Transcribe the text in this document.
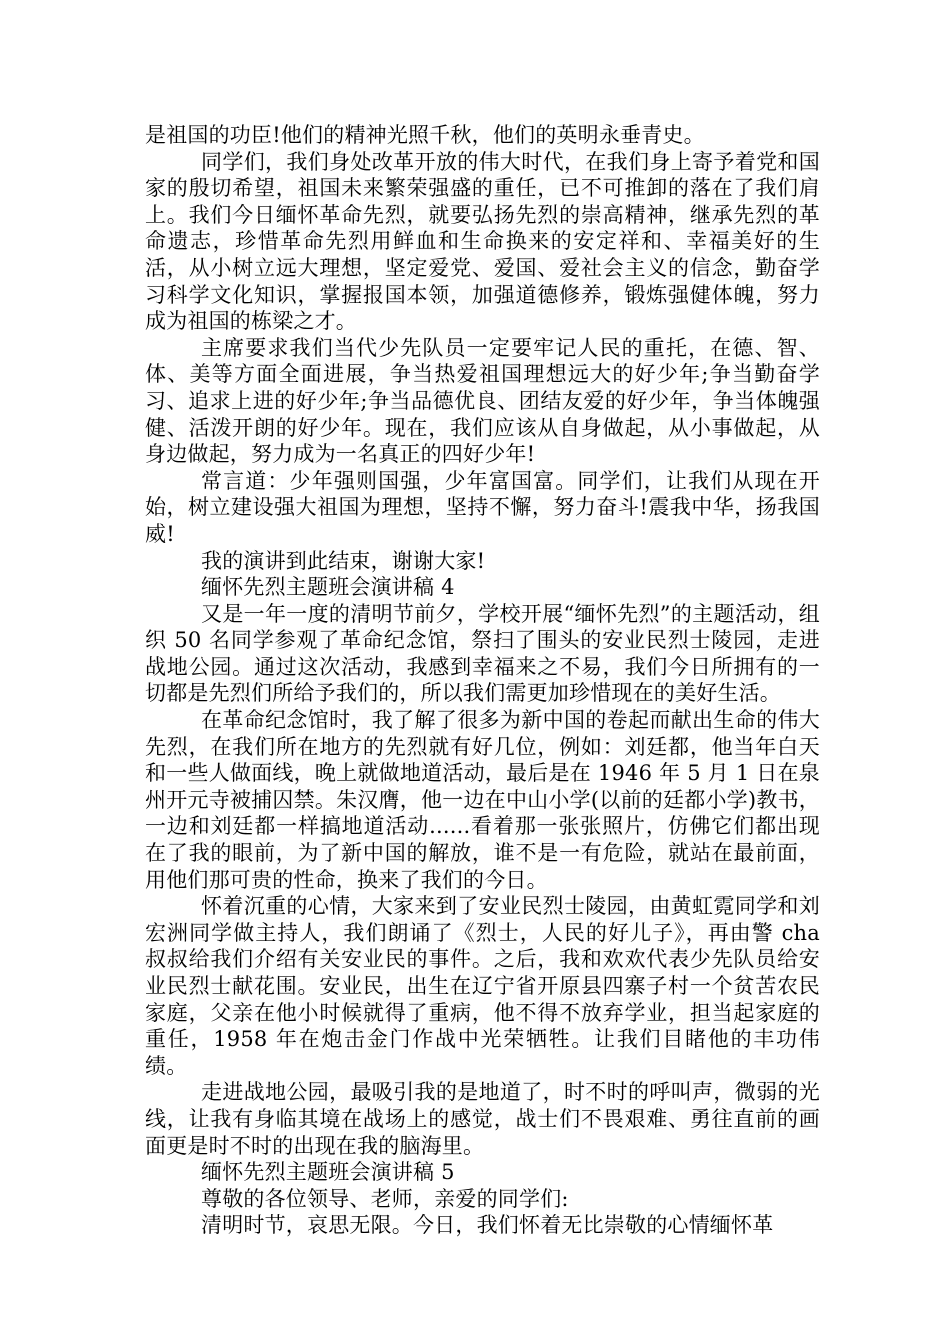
是祖国的功臣!他们的精神光照千秋，他们的英明永垂青史。

同学们，我们身处改革开放的伟大时代，在我们身上寄予着党和国家的殷切希望，祖国未来繁荣强盛的重任，已不可推卸的落在了我们肩上。我们今日缅怀革命先烈，就要弘扬先烈的崇高精神，继承先烈的革命遗志，珍惜革命先烈用鲜血和生命换来的安定祥和、幸福美好的生活，从小树立远大理想，坚定爱党、爱国、爱社会主义的信念，勤奋学习科学文化知识，掌握报国本领，加强道德修养，锻炼强健体魄，努力成为祖国的栋梁之才。

主席要求我们当代少先队员一定要牢记人民的重托，在德、智、体、美等方面全面进展，争当热爱祖国理想远大的好少年;争当勤奋学习、追求上进的好少年;争当品德优良、团结友爱的好少年，争当体魄强健、活泼开朗的好少年。现在，我们应该从自身做起，从小事做起，从身边做起，努力成为一名真正的四好少年!

常言道：少年强则国强，少年富国富。同学们，让我们从现在开始，树立建设强大祖国为理想，坚持不懈，努力奋斗!震我中华，扬我国威!

我的演讲到此结束，谢谢大家!

缅怀先烈主题班会演讲稿 4

又是一年一度的清明节前夕，学校开展“缅怀先烈”的主题活动，组织 50 名同学参观了革命纪念馆，祭扫了围头的安业民烈士陵园，走进战地公园。通过这次活动，我感到幸福来之不易，我们今日所拥有的一切都是先烈们所给予我们的，所以我们需更加珍惜现在的美好生活。

在革命纪念馆时，我了解了很多为新中国的卷起而献出生命的伟大先烈，在我们所在地方的先烈就有好几位，例如：刘廷都，他当年白天和一些人做面线，晚上就做地道活动，最后是在 1946 年 5 月 1 日在泉州开元寺被捕囚禁。朱汉膺，他一边在中山小学(以前的廷都小学)教书，一边和刘廷都一样搞地道活动......看着那一张张照片，仿佛它们都出现在了我的眼前，为了新中国的解放，谁不是一有危险，就站在最前面，用他们那可贵的性命，换来了我们的今日。

怀着沉重的心情，大家来到了安业民烈士陵园，由黄虹霓同学和刘宏洲同学做主持人，我们朗诵了《烈士，人民的好儿子》，再由警 cha 叔叔给我们介绍有关安业民的事件。之后，我和欢欢代表少先队员给安业民烈士献花围。安业民，出生在辽宁省开原县四寨子村一个贫苦农民家庭，父亲在他小时候就得了重病，他不得不放弃学业，担当起家庭的重任，1958 年在炮击金门作战中光荣牺牲。让我们目睹他的丰功伟绩。

走进战地公园，最吸引我的是地道了，时不时的呼叫声，微弱的光线，让我有身临其境在战场上的感觉，战士们不畏艰难、勇往直前的画面更是时不时的出现在我的脑海里。

缅怀先烈主题班会演讲稿 5

尊敬的各位领导、老师，亲爱的同学们:

清明时节，哀思无限。今日，我们怀着无比崇敬的心情缅怀革
